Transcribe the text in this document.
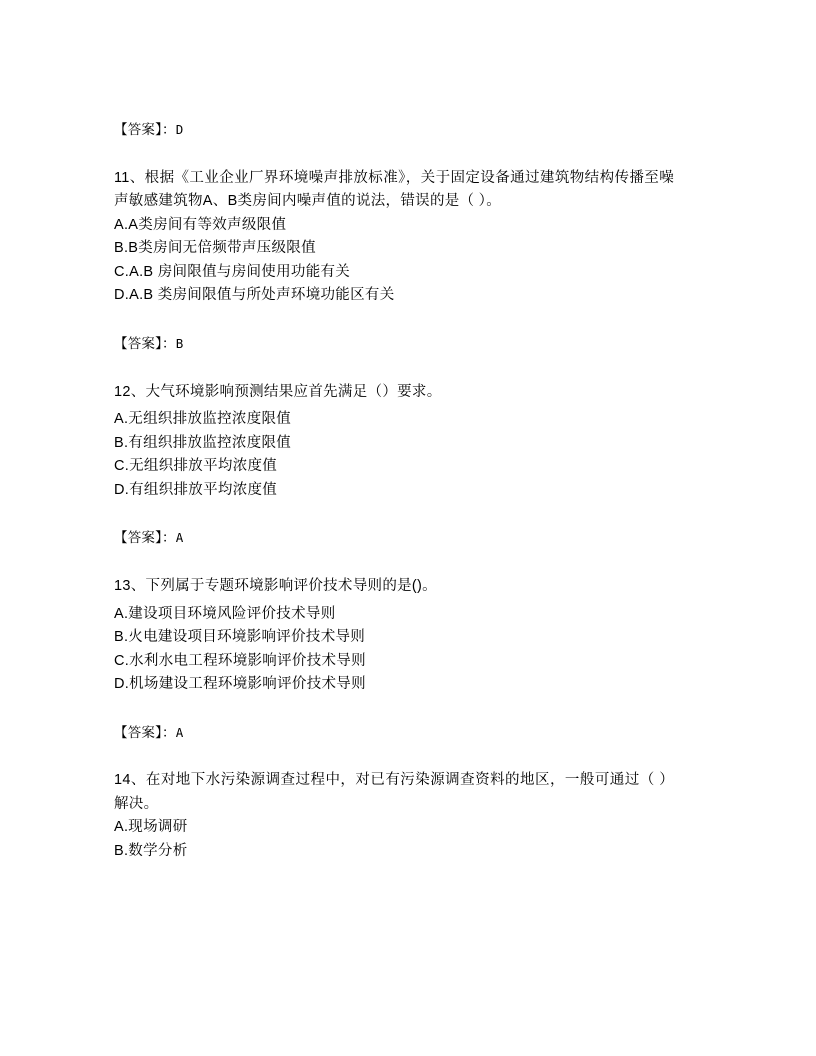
【答案】：D

11、根据《工业企业厂界环境噪声排放标准》，关于固定设备通过建筑物结构传播至噪声敏感建筑物A、B类房间内噪声值的说法，错误的是（ ）。

A.A类房间有等效声级限值

B.B类房间无倍频带声压级限值

C.A.B 房间限值与房间使用功能有关

D.A.B 类房间限值与所处声环境功能区有关

【答案】：B

12、大气环境影响预测结果应首先满足（）要求。

A.无组织排放监控浓度限值

B.有组织排放监控浓度限值

C.无组织排放平均浓度值

D.有组织排放平均浓度值

【答案】：A

13、下列属于专题环境影响评价技术导则的是()。

A.建设项目环境风险评价技术导则

B.火电建设项目环境影响评价技术导则

C.水利水电工程环境影响评价技术导则

D.机场建设工程环境影响评价技术导则

【答案】：A

14、在对地下水污染源调查过程中，对已有污染源调查资料的地区，一般可通过（ ）解决。

A.现场调研

B.数学分析
